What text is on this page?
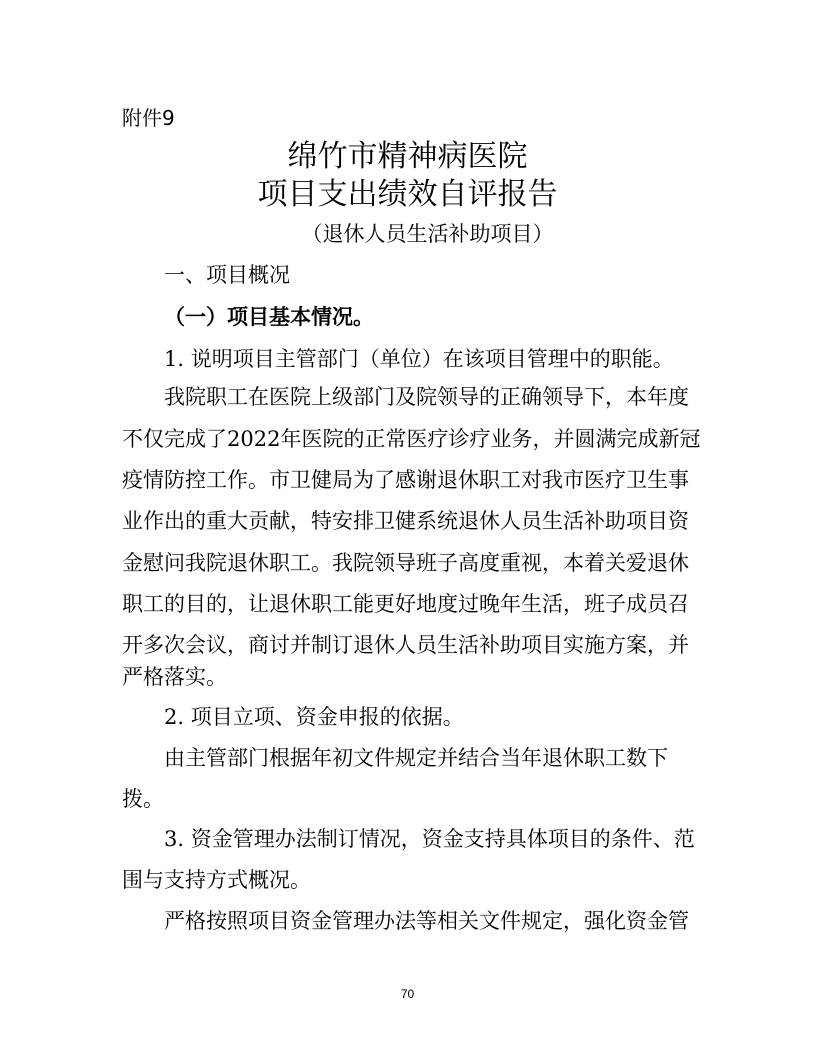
附件9
绵竹市精神病医院
项目支出绩效自评报告
（退休人员生活补助项目）
一、项目概况
（一）项目基本情况。
1. 说明项目主管部门（单位）在该项目管理中的职能。
我院职工在医院上级部门及院领导的正确领导下，本年度
不仅完成了2022年医院的正常医疗诊疗业务，并圆满完成新冠
疫情防控工作。市卫健局为了感谢退休职工对我市医疗卫生事
业作出的重大贡献，特安排卫健系统退休人员生活补助项目资
金慰问我院退休职工。我院领导班子高度重视，本着关爱退休
职工的目的，让退休职工能更好地度过晚年生活，班子成员召
开多次会议，商讨并制订退休人员生活补助项目实施方案，并
严格落实。
2. 项目立项、资金申报的依据。
由主管部门根据年初文件规定并结合当年退休职工数下
拨。
3. 资金管理办法制订情况，资金支持具体项目的条件、范
围与支持方式概况。
严格按照项目资金管理办法等相关文件规定，强化资金管
70
